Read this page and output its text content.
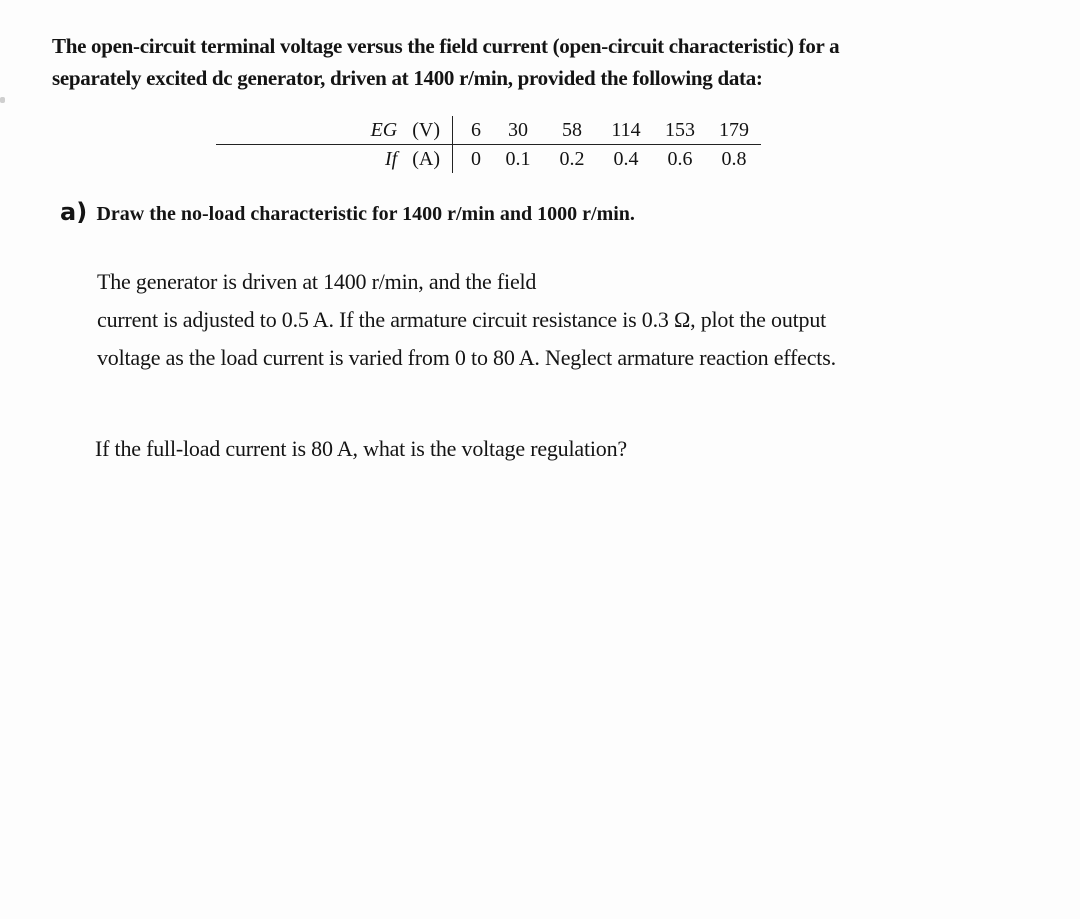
The open-circuit terminal voltage versus the field current (open-circuit characteristic) for a
separately excited dc generator, driven at 1400 r/min, provided the following data:
EG (V)	6	30	58	114	153	179
If (A)	0	0.1	0.2	0.4	0.6	0.8
a) Draw the no-load characteristic for 1400 r/min and 1000 r/min.
The generator is driven at 1400 r/min, and the field
current is adjusted to 0.5 A. If the armature circuit resistance is 0.3 Ω, plot the output
voltage as the load current is varied from 0 to 80 A. Neglect armature reaction effects.
If the full-load current is 80 A, what is the voltage regulation?
